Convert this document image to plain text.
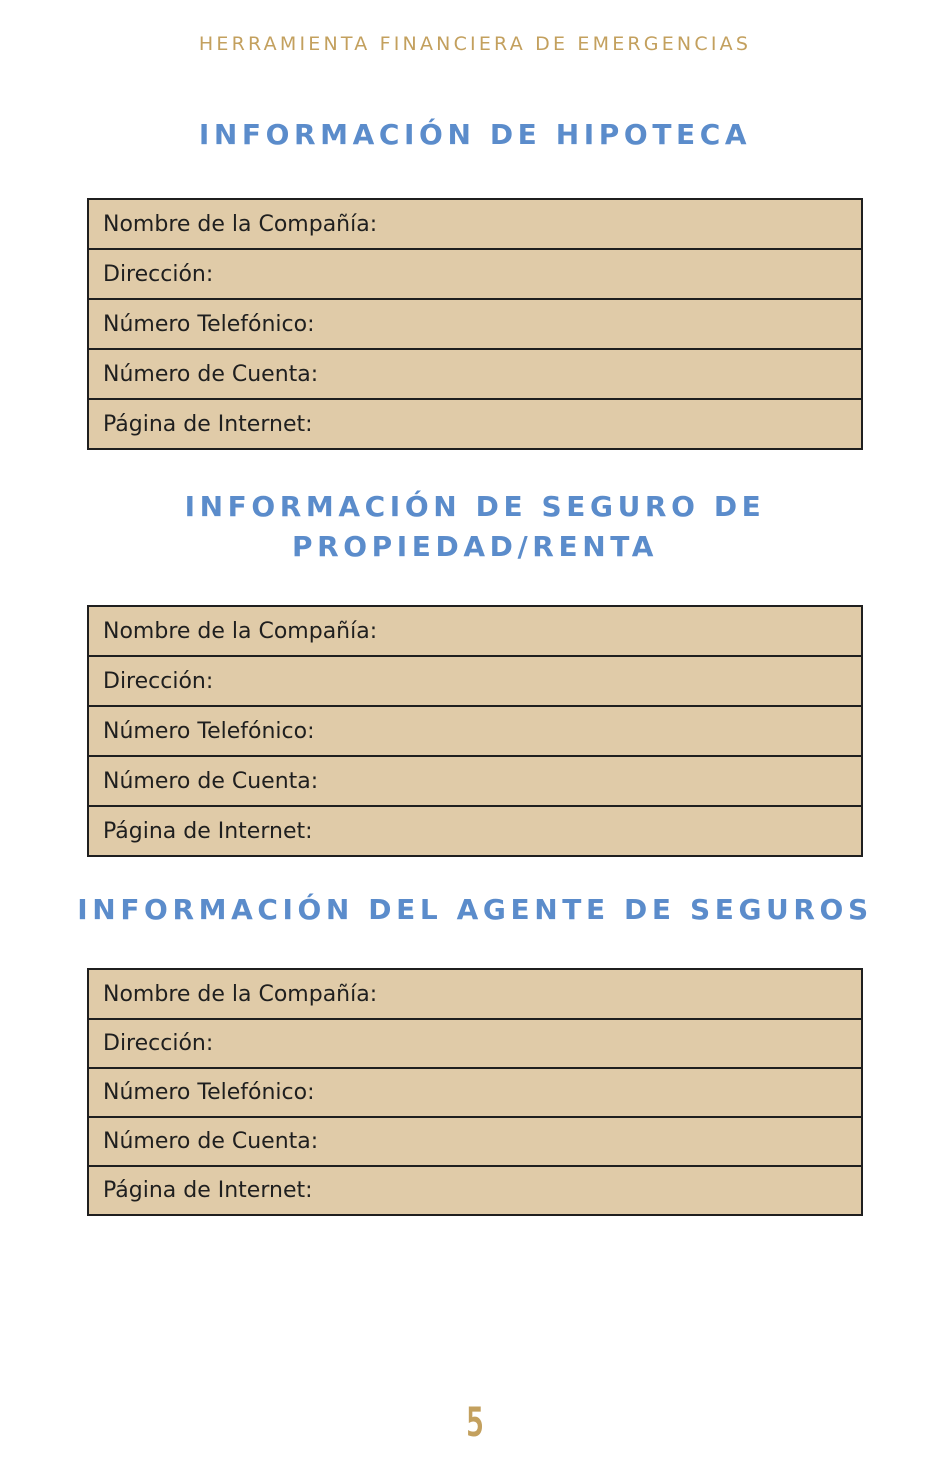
HERRAMIENTA FINANCIERA DE EMERGENCIAS
INFORMACIÓN DE HIPOTECA
Nombre de la Compañía:
Dirección:
Número Telefónico:
Número de Cuenta:
Página de Internet:
INFORMACIÓN DE SEGURO DE
PROPIEDAD/RENTA
Nombre de la Compañía:
Dirección:
Número Telefónico:
Número de Cuenta:
Página de Internet:
INFORMACIÓN DEL AGENTE DE SEGUROS
Nombre de la Compañía:
Dirección:
Número Telefónico:
Número de Cuenta:
Página de Internet:
5
